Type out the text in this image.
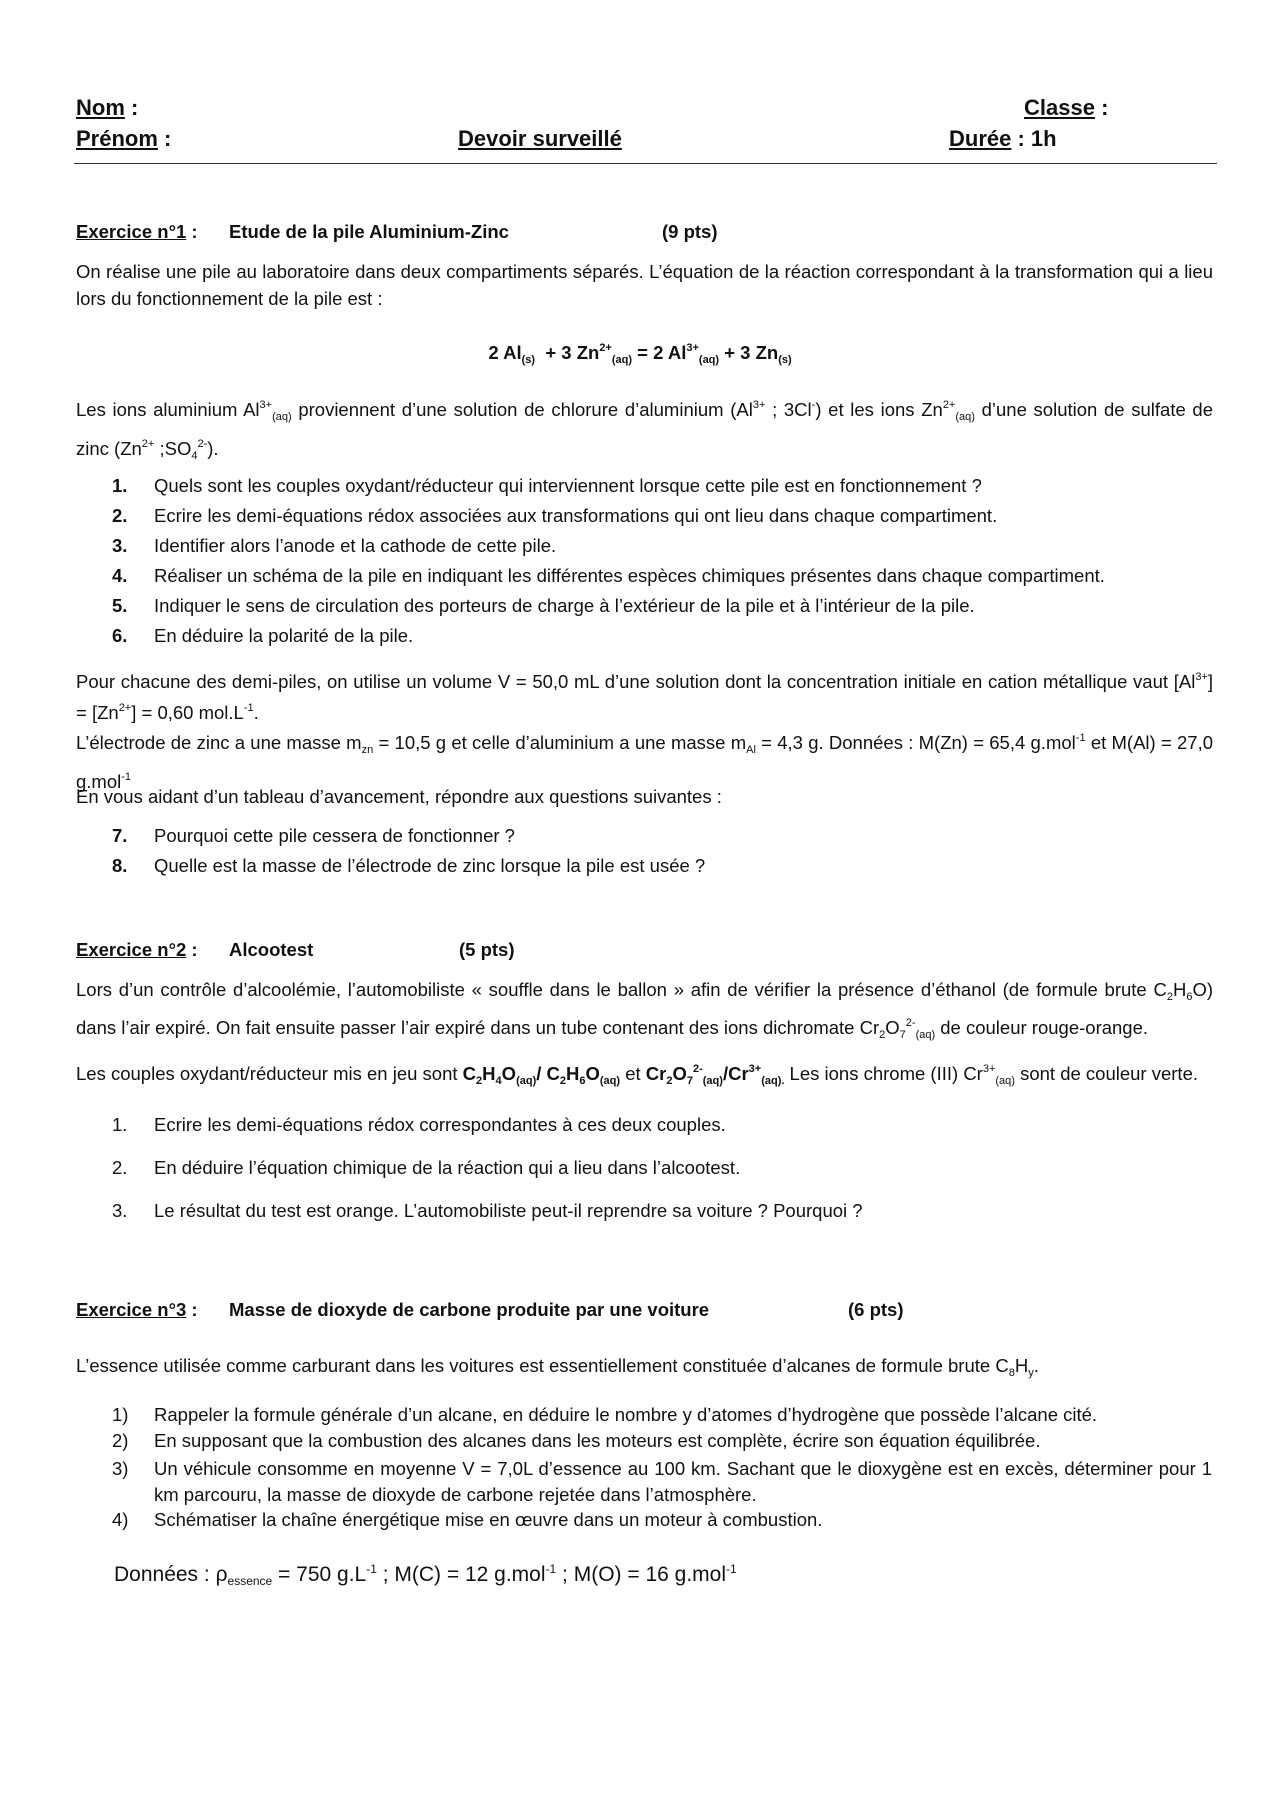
Nom :
Prénom :	Devoir surveillé
Classe :
Durée : 1h
Exercice n°1 : Etude de la pile Aluminium-Zinc	(9 pts)
On réalise une pile au laboratoire dans deux compartiments séparés. L’équation de la réaction correspondant à la transformation qui a lieu lors du fonctionnement de la pile est :
2 $Al_{(s)} + 3$ $Zn^{2+}_{(aq)} = 2$ $Al^{3+}_{(aq)} + 3$ $Zn_{(s)}$
Les ions aluminium $Al^{3+}_{(aq)}$ proviennent d’une solution de chlorure d’aluminium ($Al^{3+}$ ; 3Cl-) et les ions $Zn^{2+}_{(aq)}$ d’une solution de sulfate de zinc ($Zn^{2+}$ $;SO_4^{2-}$).
1. Quels sont les couples oxydant/réducteur qui interviennent lorsque cette pile est en fonctionnement ?
2. Ecrire les demi-équations rédox associées aux transformations qui ont lieu dans chaque compartiment.
3. Identifier alors l’anode et la cathode de cette pile.
4. Réaliser un schéma de la pile en indiquant les différentes espèces chimiques présentes dans chaque compartiment.
5. Indiquer le sens de circulation des porteurs de charge à l’extérieur de la pile et à l’intérieur de la pile.
6. En déduire la polarité de la pile.
Pour chacune des demi-piles, on utilise un volume V = 50,0 mL d’une solution dont la concentration initiale en cation métallique vaut $[Al^{3+}] = [Zn^{2+}] = 0,60$ $mol.L^{-1}$.
L’électrode de zinc a une masse $m_{zn} = 10,5$ g et celle d’aluminium a une masse $m_{Al} = 4,3$ g. Données : M(Zn) = 65,4 g.mol$^{-1}$ et M(Al) = 27,0 g.mol$^{-1}$
En vous aidant d’un tableau d’avancement, répondre aux questions suivantes :
7. Pourquoi cette pile cessera de fonctionner ?
8. Quelle est la masse de l’électrode de zinc lorsque la pile est usée ?
Exercice n°2 : Alcootest	(5 pts)
Lors d’un contrôle d’alcoolémie, l’automobiliste « souffle dans le ballon » afin de vérifier la présence d’éthanol (de formule brute $C_2H_6O$) dans l’air expiré. On fait ensuite passer l’air expiré dans un tube contenant des ions dichromate $Cr_2O_7^{2-}_{(aq)}$ de couleur rouge-orange.
Les couples oxydant/réducteur mis en jeu sont $C_2H_4O_{(aq)}/$ $C_2H_6O_{(aq)}$ et $Cr_2O_7^{2-}_{(aq)}/Cr^{3+}_{(aq).}$ Les ions chrome (III) $Cr^{3+}_{(aq)}$ sont de couleur verte.
1. Ecrire les demi-équations rédox correspondantes à ces deux couples.
2. En déduire l’équation chimique de la réaction qui a lieu dans l’alcootest.
3. Le résultat du test est orange. L’automobiliste peut-il reprendre sa voiture ? Pourquoi ?
Exercice n°3 : Masse de dioxyde de carbone produite par une voiture	(6 pts)
L’essence utilisée comme carburant dans les voitures est essentiellement constituée d’alcanes de formule brute $C_8H_y$.
1) Rappeler la formule générale d’un alcane, en déduire le nombre y d’atomes d’hydrogène que possède l’alcane cité.
2) En supposant que la combustion des alcanes dans les moteurs est complète, écrire son équation équilibrée.
3) Un véhicule consomme en moyenne V = 7,0L d’essence au 100 km. Sachant que le dioxygène est en excès, déterminer pour 1 km parcouru, la masse de dioxyde de carbone rejetée dans l’atmosphère.
4) Schématiser la chaîne énergétique mise en œuvre dans un moteur à combustion.
Données : $\rho_{essence} = 750$ $g.L^{-1}$ ; M(C) = 12 g.mol$^{-1}$ ; M(O) = 16 g.mol$^{-1}$
